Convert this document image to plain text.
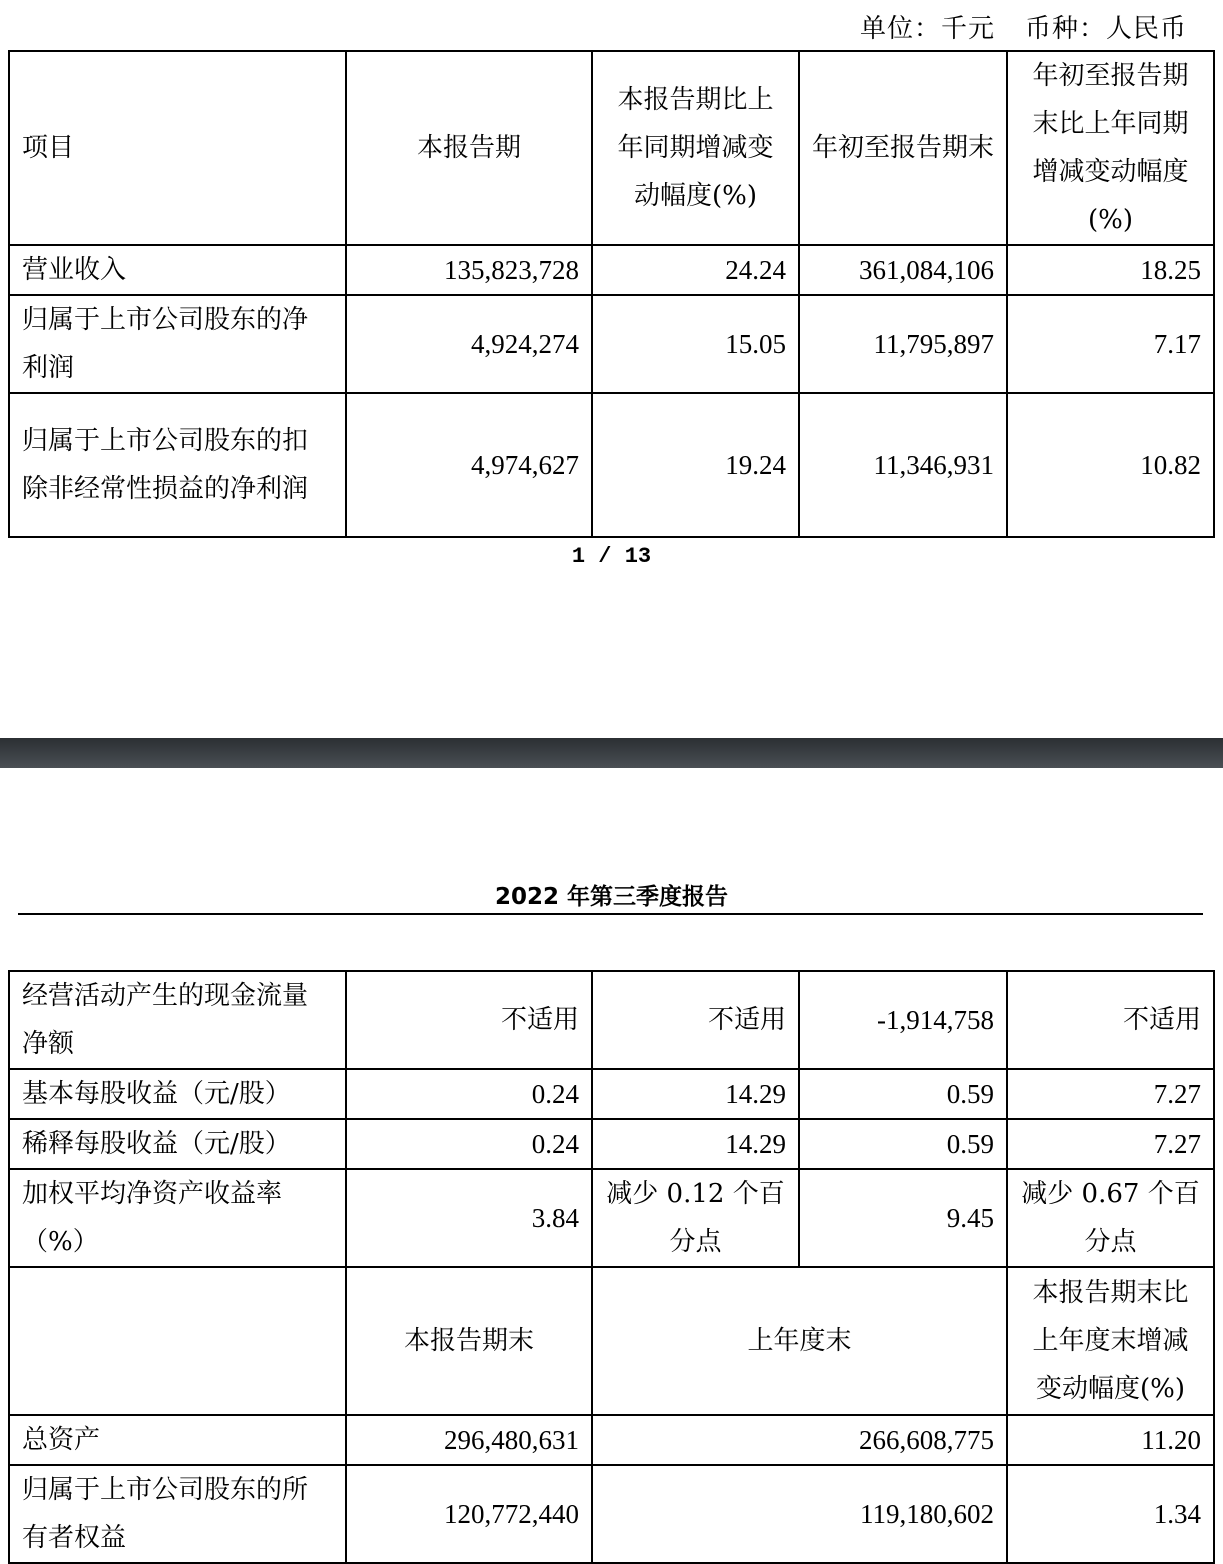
单位：千元 币种：人民币
项目	本报告期	本报告期比上年同期增减变动幅度(%)	年初至报告期末	年初至报告期末比上年同期增减变动幅度(%)
营业收入	135,823,728	24.24	361,084,106	18.25
归属于上市公司股东的净利润	4,924,274	15.05	11,795,897	7.17
归属于上市公司股东的扣除非经常性损益的净利润	4,974,627	19.24	11,346,931	10.82
1 / 13
2022 年第三季度报告
经营活动产生的现金流量净额	不适用	不适用	-1,914,758	不适用
基本每股收益（元/股）	0.24	14.29	0.59	7.27
稀释每股收益（元/股）	0.24	14.29	0.59	7.27
加权平均净资产收益率（%）	3.84	减少 0.12 个百分点	9.45	减少 0.67 个百分点
	本报告期末	上年度末		本报告期末比上年度末增减变动幅度(%)
总资产	296,480,631	266,608,775		11.20
归属于上市公司股东的所有者权益	120,772,440	119,180,602		1.34
